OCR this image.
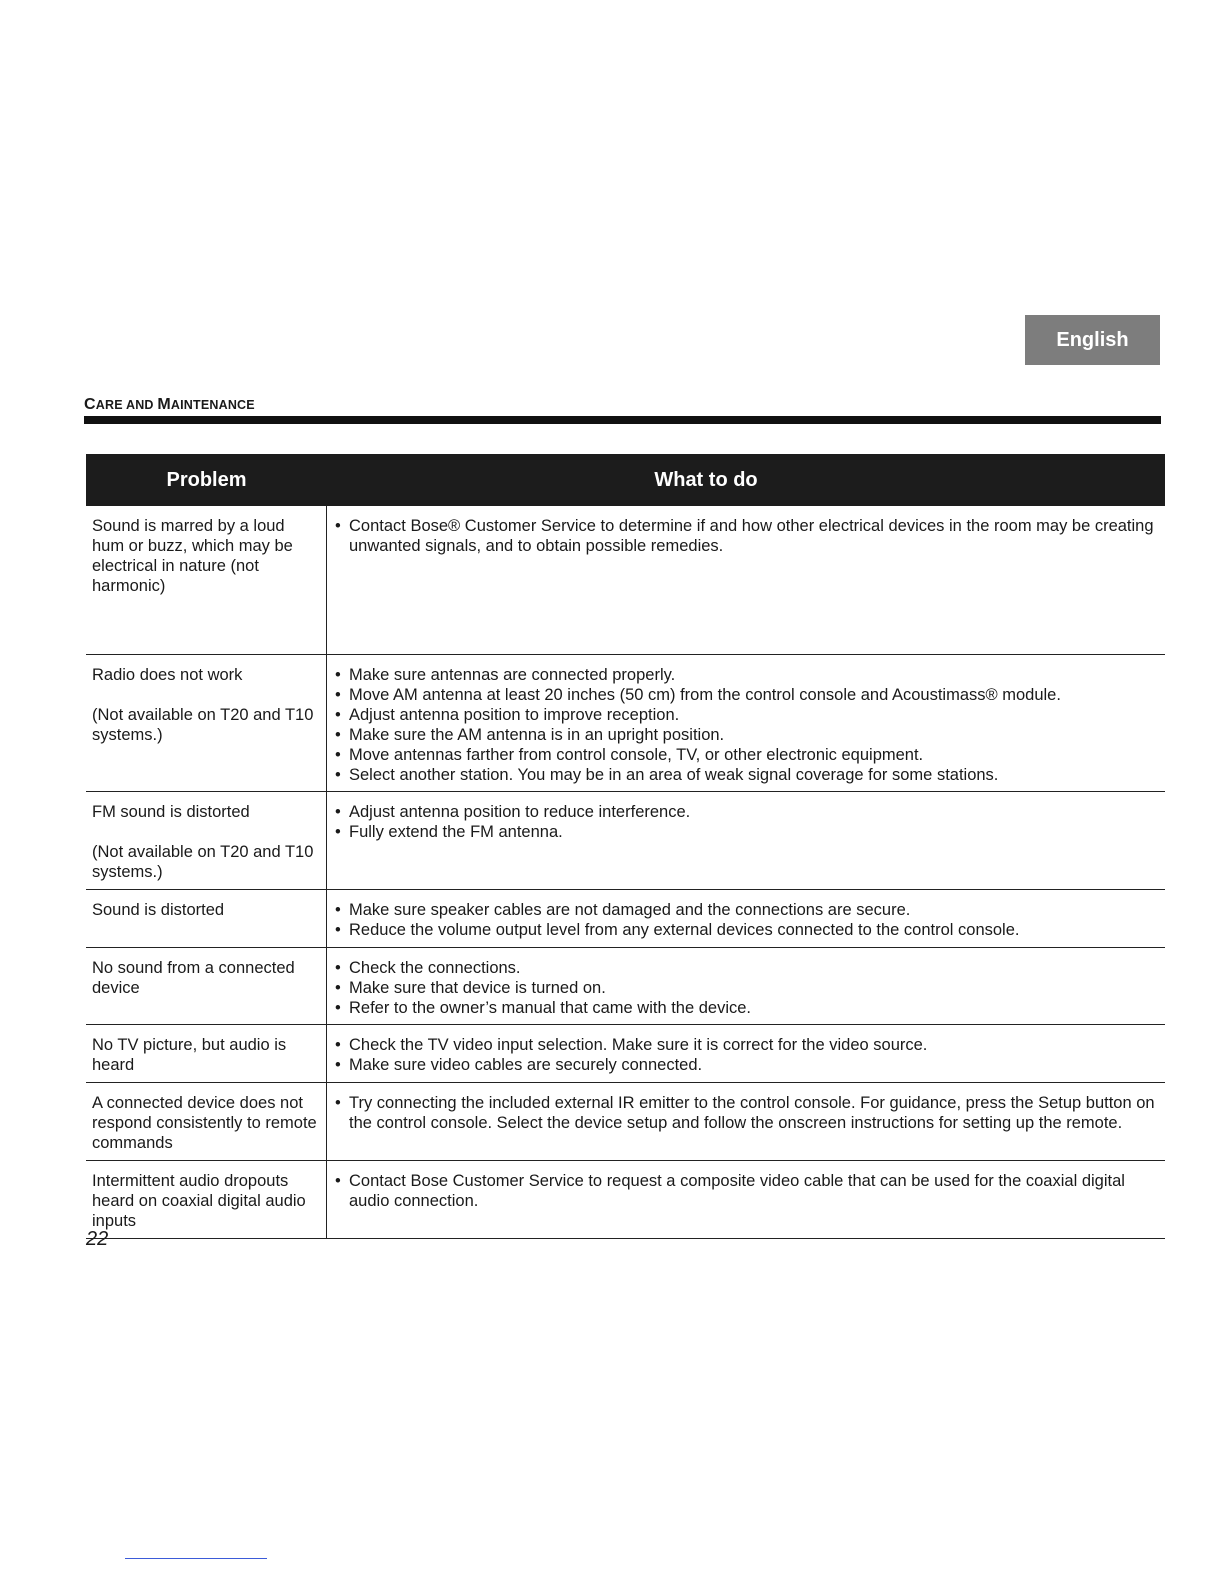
English
CARE AND MAINTENANCE
Problem	What to do

Sound is marred by a loud hum or buzz, which may be electrical in nature (not harmonic)

• Contact Bose® Customer Service to determine if and how other electrical devices in the room may be creating unwanted signals, and to obtain possible remedies.

Radio does not work

(Not available on T20 and T10 systems.)

• Make sure antennas are connected properly.
• Move AM antenna at least 20 inches (50 cm) from the control console and Acoustimass® module.
• Adjust antenna position to improve reception.
• Make sure the AM antenna is in an upright position.
• Move antennas farther from control console, TV, or other electronic equipment.
• Select another station. You may be in an area of weak signal coverage for some stations.

FM sound is distorted

(Not available on T20 and T10 systems.)

• Adjust antenna position to reduce interference.
• Fully extend the FM antenna.

Sound is distorted

•	Make sure speaker cables are not damaged and the connections are secure.
• Reduce the volume output level from any external devices connected to the control console.

No sound from a connected device

• Check the connections.
• Make sure that device is turned on.
• Refer to the owner’s manual that came with the device.

No TV picture, but audio is heard

• Check the TV video input selection. Make sure it is correct for the video source.
• Make sure video cables are securely connected.

A connected device does not respond consistently to remote commands

• Try connecting the included external IR emitter to the control console. For guidance, press the Setup button on the control console. Select the device setup and follow the onscreen instructions for setting up the remote.

Intermittent audio dropouts heard on coaxial digital audio inputs

• Contact Bose Customer Service to request a composite video cable that can be used for the coaxial digital audio connection.
22
